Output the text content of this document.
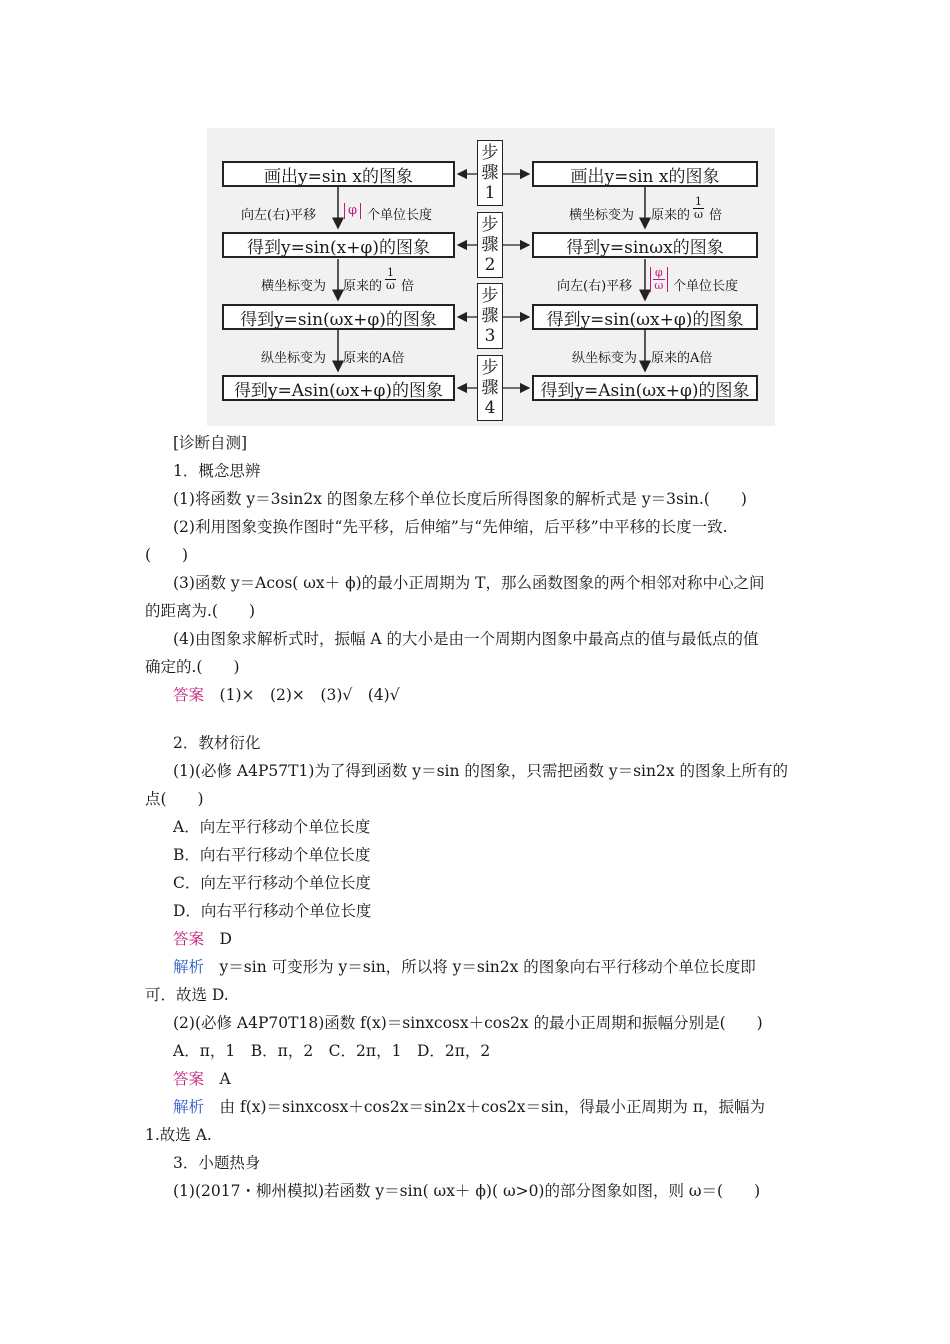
画出y=sin x的图象
得到y=sin(x+φ)的图象
得到y=sin(ωx+φ)的图象
得到y=Asin(ωx+φ)的图象
画出y=sin x的图象
得到y=sinωx的图象
得到y=sin(ωx+φ)的图象
得到y=Asin(ωx+φ)的图象
步
骤
1
步
骤
2
步
骤
3
步
骤
4
向左(右)平移	φ 个单位长度
横坐标变为 原来的 $\frac{1}{\omega}$ 倍
纵坐标变为 原来的A倍
横坐标变为 原来的 $\frac{1}{\omega}$ 倍
向左(右)平移 $\frac{\varphi}{\omega}$ 个单位长度
纵坐标变为 原来的A倍
[诊断自测]
1．概念思辨
(1)将函数 y＝3sin2x 的图象左移个单位长度后所得图象的解析式是 y＝3sin.(　　)
(2)利用图象变换作图时“先平移，后伸缩”与“先伸缩，后平移”中平移的长度一致.
(　　)
(3)函数 y＝Acos( ωx＋ ϕ)的最小正周期为 T，那么函数图象的两个相邻对称中心之间
的距离为.(　　)
(4)由图象求解析式时，振幅 A 的大小是由一个周期内图象中最高点的值与最低点的值
确定的.(　　)
答案　 (1)×　(2)×　(3)√　(4)√
2．教材衍化
(1)(必修 A4P57T1)为了得到函数 y＝sin 的图象，只需把函数 y＝sin2x 的图象上所有的
点(　　)
A．向左平行移动个单位长度
B．向右平行移动个单位长度
C．向左平行移动个单位长度
D．向右平行移动个单位长度
答案　 D
解析　 y＝sin 可变形为 y＝sin，所以将 y＝sin2x 的图象向右平行移动个单位长度即
可．故选 D.
(2)(必修 A4P70T18)函数 f(x)＝sinxcosx＋cos2x 的最小正周期和振幅分别是(　　)
A．π，1　B．π，2　C．2π，1　D．2π，2
答案　 A
解析　 由 f(x)＝sinxcosx＋cos2x＝sin2x＋cos2x＝sin，得最小正周期为 π，振幅为
1.故选 A.
3．小题热身
(1)(2017・柳州模拟)若函数 y＝sin( ωx＋ ϕ)( ω>0)的部分图象如图，则 ω＝(　　)
